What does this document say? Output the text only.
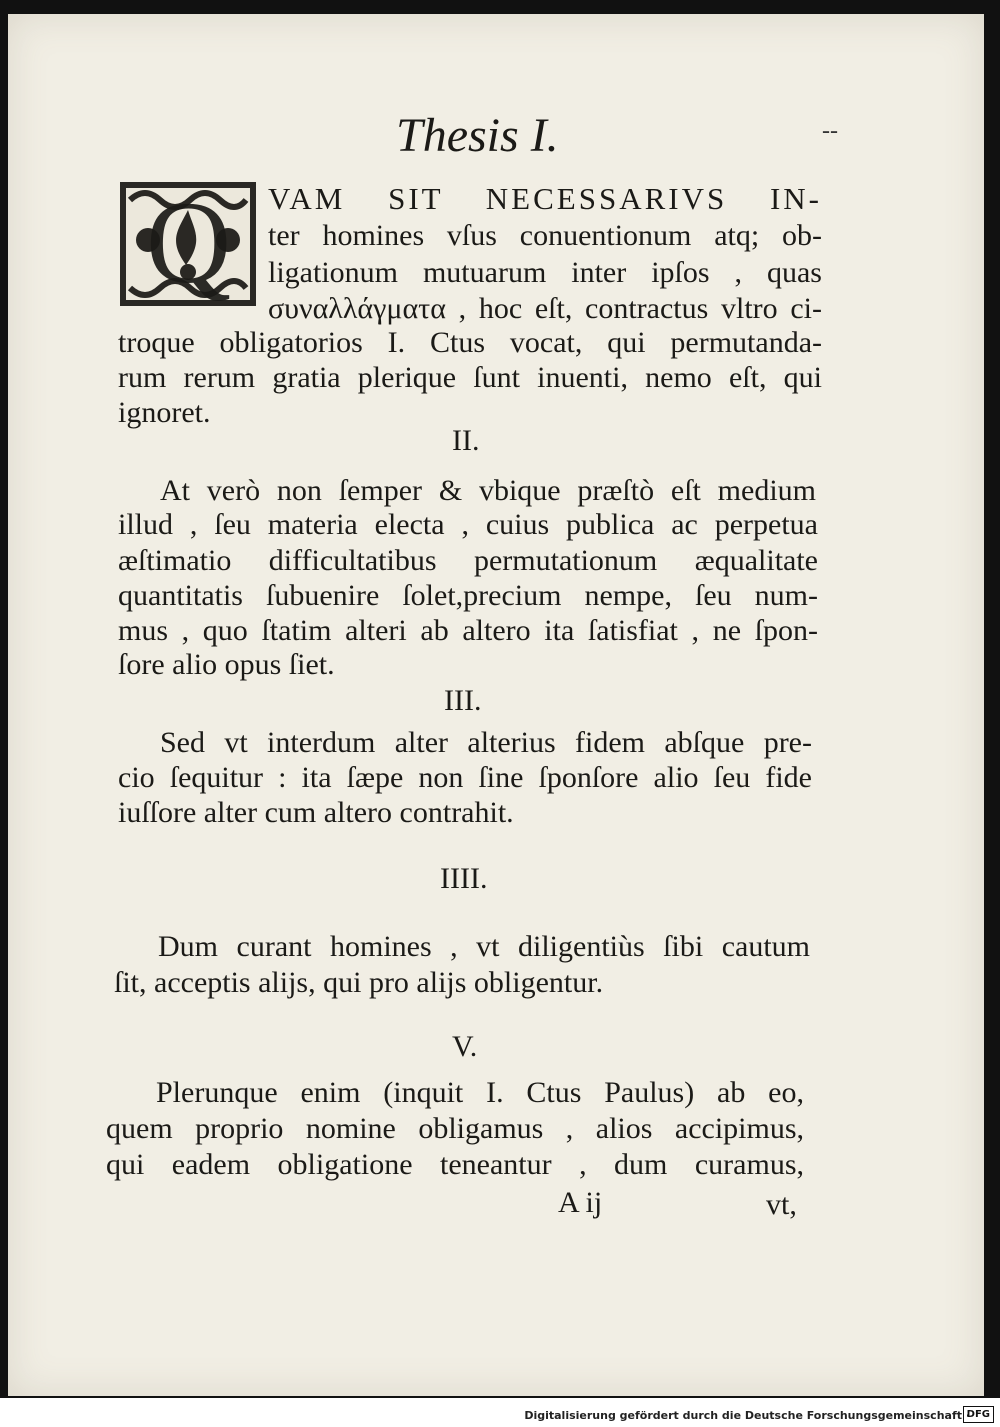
--
Thesis I.
Q VAM SIT NECESSARIVS IN-
ter homines vſus conuentionum atq; ob-
ligationum mutuarum inter ipſos , quas
συναλλάγματα , hoc eſt, contractus vltro ci-
troque obligatorios I. Ctus vocat, qui permutanda-
rum rerum gratia plerique ſunt inuenti, nemo eſt, qui
ignoret.
II.
At verò non ſemper & vbique præſtò eſt medium
illud , ſeu materia electa , cuius publica ac perpetua
æſtimatio difficultatibus permutationum æqualitate
quantitatis ſubuenire ſolet,precium nempe, ſeu num-
mus , quo ſtatim alteri ab altero ita ſatisfiat , ne ſpon-
ſore alio opus ſiet.
III.
Sed vt interdum alter alterius fidem abſque pre-
cio ſequitur : ita ſæpe non ſine ſponſore alio ſeu fide
iuſſore alter cum altero contrahit.
IIII.
Dum curant homines , vt diligentiùs ſibi cautum
ſit, acceptis alijs, qui pro alijs obligentur.
V.
Plerunque enim (inquit I. Ctus Paulus) ab eo,
quem proprio nomine obligamus , alios accipimus,
qui eadem obligatione teneantur , dum curamus,
A ij	vt,
Digitalisierung gefördert durch die Deutsche Forschungsgemeinschaft ·
DFG
